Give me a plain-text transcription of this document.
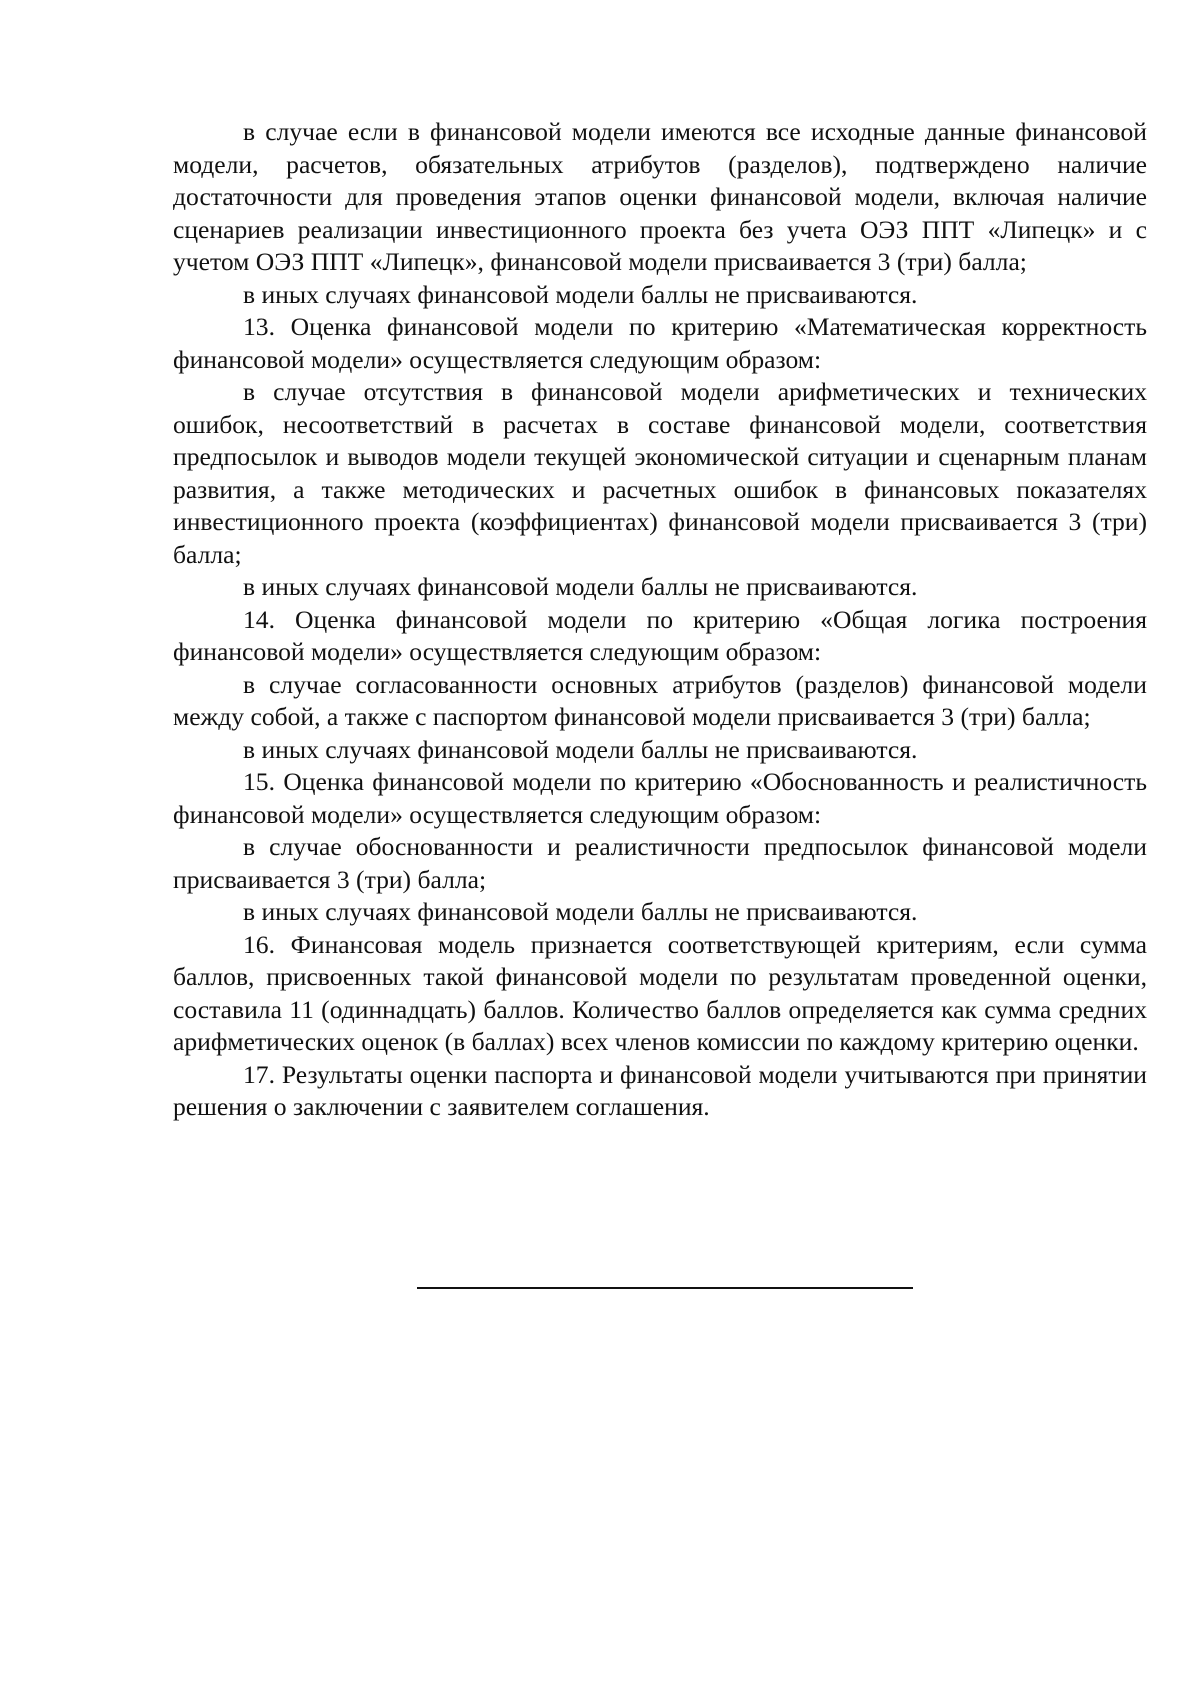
в случае если в финансовой модели имеются все исходные данные финансовой модели, расчетов, обязательных атрибутов (разделов), подтверждено наличие достаточности для проведения этапов оценки финансовой модели, включая наличие сценариев реализации инвестиционного проекта без учета ОЭЗ ППТ «Липецк» и с учетом ОЭЗ ППТ «Липецк», финансовой модели присваивается 3 (три) балла;

в иных случаях финансовой модели баллы не присваиваются.

13. Оценка финансовой модели по критерию «Математическая корректность финансовой модели» осуществляется следующим образом:

в случае отсутствия в финансовой модели арифметических и технических ошибок, несоответствий в расчетах в составе финансовой модели, соответствия предпосылок и выводов модели текущей экономической ситуации и сценарным планам развития, а также методических и расчетных ошибок в финансовых показателях инвестиционного проекта (коэффициентах) финансовой модели присваивается 3 (три) балла;

в иных случаях финансовой модели баллы не присваиваются.

14. Оценка финансовой модели по критерию «Общая логика построения финансовой модели» осуществляется следующим образом:

в случае согласованности основных атрибутов (разделов) финансовой модели между собой, а также с паспортом финансовой модели присваивается 3 (три) балла;

в иных случаях финансовой модели баллы не присваиваются.

15. Оценка финансовой модели по критерию «Обоснованность и реалистичность финансовой модели» осуществляется следующим образом:

в случае обоснованности и реалистичности предпосылок финансовой модели присваивается 3 (три) балла;

в иных случаях финансовой модели баллы не присваиваются.

16. Финансовая модель признается соответствующей критериям, если сумма баллов, присвоенных такой финансовой модели по результатам проведенной оценки, составила 11 (одиннадцать) баллов. Количество баллов определяется как сумма средних арифметических оценок (в баллах) всех членов комиссии по каждому критерию оценки.

17. Результаты оценки паспорта и финансовой модели учитываются при принятии решения о заключении с заявителем соглашения.
